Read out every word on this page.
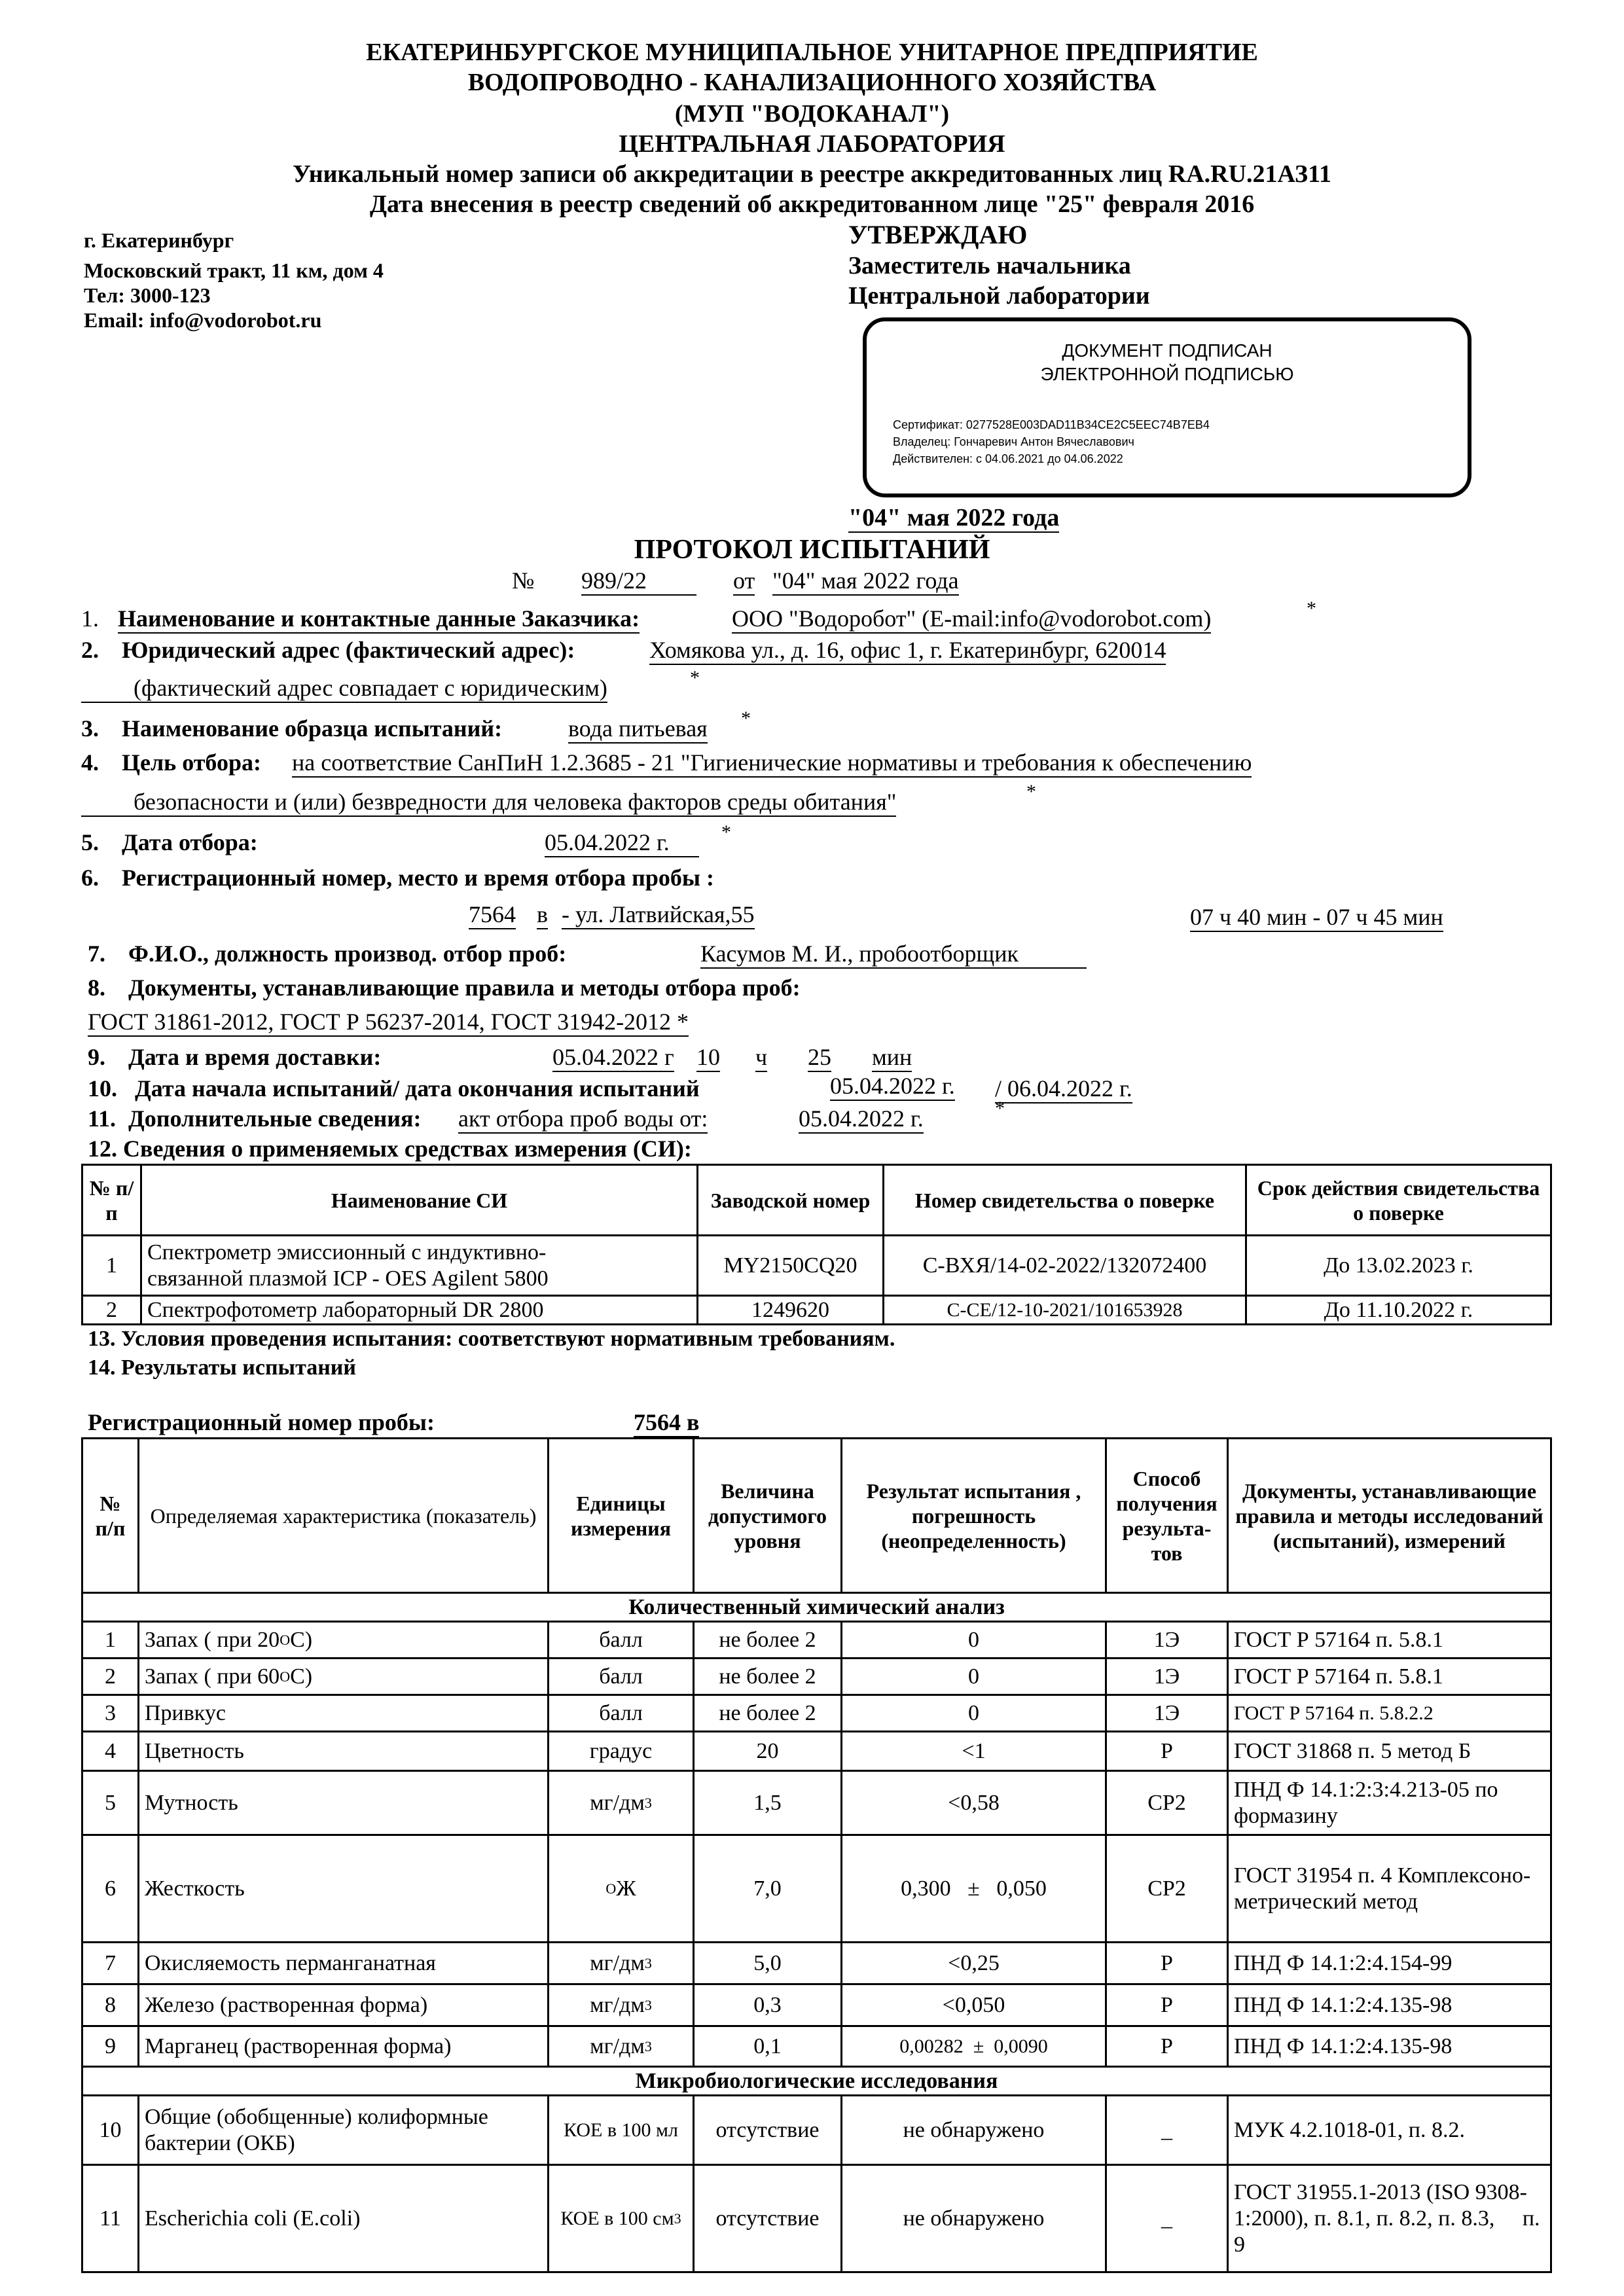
ЕКАТЕРИНБУРГСКОЕ МУНИЦИПАЛЬНОЕ УНИТАРНОЕ ПРЕДПРИЯТИЕ
ВОДОПРОВОДНО - КАНАЛИЗАЦИОННОГО ХОЗЯЙСТВА
(МУП "ВОДОКАНАЛ")
ЦЕНТРАЛЬНАЯ ЛАБОРАТОРИЯ
Уникальный номер записи об аккредитации в реестре аккредитованных лиц RA.RU.21АЗ11
Дата внесения в реестр сведений об аккредитованном лице "25" февраля 2016
г. Екатеринбург
Московский тракт, 11 км, дом 4
Тел: 3000-123
Email: info@vodorobot.ru
УТВЕРЖДАЮ
Заместитель начальника
Центральной лаборатории
ДОКУМЕНТ ПОДПИСАН
ЭЛЕКТРОННОЙ ПОДПИСЬЮ
Сертификат: 0277528E003DAD11B34CE2C5EEC74B7EB4
Владелец: Гончаревич Антон Вячеславович
Действителен: с 04.06.2021 до 04.06.2022
"04" мая 2022 года
ПРОТОКОЛ ИСПЫТАНИЙ
№ 989/22	от "04" мая 2022 года
1. Наименование и контактные данные Заказчика:	ООО "Водоробот" (E-mail:info@vodorobot.com)	*
2. Юридический адрес (фактический адрес):	Хомякова ул., д. 16, офис 1, г. Екатеринбург, 620014
(фактический адрес совпадает с юридическим)	*
3. Наименование образца испытаний:	вода питьевая *
4. Цель отбора: на соответствие СанПиН 1.2.3685 - 21 "Гигиенические нормативы и требования к обеспечению
безопасности и (или) безвредности для человека факторов среды обитания"	*
5. Дата отбора:	05.04.2022 г.	*
6. Регистрационный номер, место и время отбора пробы :
7564 в - ул. Латвийская,55	07 ч 40 мин - 07 ч 45 мин
7. Ф.И.О., должность производ. отбор проб:	Касумов М. И., пробоотборщик
8. Документы, устанавливающие правила и методы отбора проб:
ГОСТ 31861-2012, ГОСТ Р 56237-2014, ГОСТ 31942-2012 *
9. Дата и время доставки:	05.04.2022 г 10 ч 25 мин
10. Дата начала испытаний/ дата окончания испытаний	05.04.2022 г. / 06.04.2022 г.
11. Дополнительные сведения: акт отбора проб воды от:	05.04.2022 г.	*
12. Сведения о применяемых средствах измерения (СИ):
№ п/п	Наименование СИ	Заводской номер	Номер свидетельства о поверке	Срок действия свидетельства о поверке
1	Спектрометр эмиссионный с индуктивно-
связанной плазмой ICP - OES Agilent 5800	MY2150CQ20	С-ВХЯ/14-02-2022/132072400	До 13.02.2023 г.
2	Спектрофотометр лабораторный DR 2800	1249620	С-СЕ/12-10-2021/101653928	До 11.10.2022 г.
13. Условия проведения испытания: соответствуют нормативным требованиям.
14. Результаты испытаний
Регистрационный номер пробы:	7564 в
№ п/п	Определяемая характеристика (показатель)	Единицы измерения	Величина допустимого уровня	Результат испытания , погрешность (неопределенность)	Способ получения результа-тов	Документы, устанавливающие правила и методы исследований (испытаний), измерений
Количественный химический анализ						
1	Запах ( при $20^ОС$)	балл	не более 2	0	1Э	ГОСТ Р 57164 п. 5.8.1
2	Запах ( при $60^ОС$)	балл	не более 2	0	1Э	ГОСТ Р 57164 п. 5.8.1
3	Привкус	балл	не более 2	0	1Э	ГОСТ Р 57164 п. 5.8.2.2
4	Цветность	градус	20	<1	Р	ГОСТ 31868 п. 5 метод Б
5	Мутность	$мг/дм^3$	1,5	<0,58	СР2	ПНД Ф 14.1:2:3:4.213-05 по формазину
6	Жесткость	$^О$Ж	7,0	0,300   ±   0,050	СР2	ГОСТ 31954 п. 4 Комплексоно-метрический метод
7	Окисляемость перманганатная	$мг/дм^3$	5,0	<0,25	Р	ПНД Ф 14.1:2:4.154-99
8	Железо (растворенная форма)	$мг/дм^3$	0,3	<0,050	Р	ПНД Ф 14.1:2:4.135-98
9	Марганец (растворенная форма)	$мг/дм^3$	0,1	0,00282  ±  0,0090	Р	ПНД Ф 14.1:2:4.135-98
Микробиологические исследования						
10	Общие (обобщенные) колиформные бактерии (ОКБ)	КОЕ в 100 мл	отсутствие	не обнаружено	_	МУК 4.2.1018-01, п. 8.2.
11	Escherichia coli (E.coli)	КОЕ в 100 $см^3$	отсутствие	не обнаружено	_	ГОСТ 31955.1-2013 (ISO 9308-1:2000), п. 8.1, п. 8.2, п. 8.3,     п. 9
